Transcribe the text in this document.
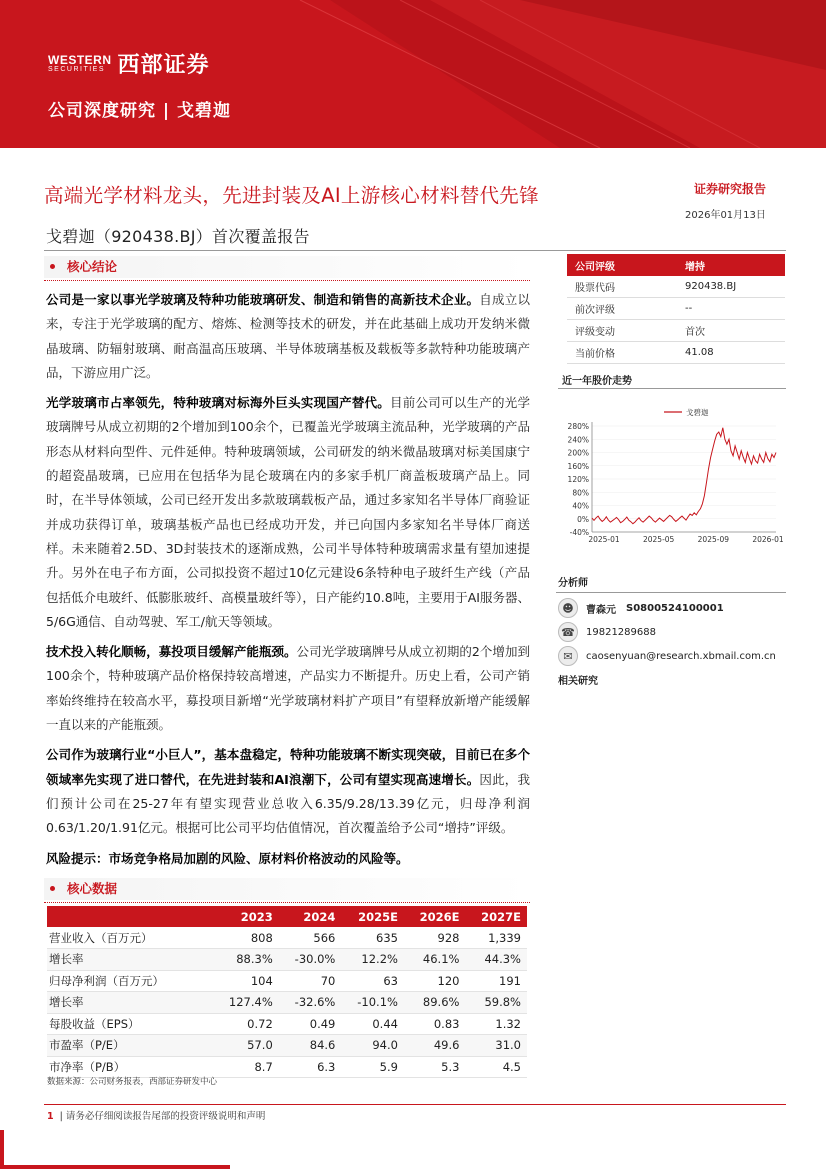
WESTERN
SECURITIES 西部证券
公司深度研究 | 戈碧迦
高端光学材料龙头，先进封装及AI上游核心材料替代先锋	证券研究报告
2026年01月13日
戈碧迦（920438.BJ）首次覆盖报告
核心结论

公司是一家以事光学玻璃及特种功能玻璃研发、制造和销售的高新技术企业。自成立以来，专注于光学玻璃的配方、熔炼、检测等技术的研发，并在此基础上成功开发纳米微晶玻璃、防辐射玻璃、耐高温高压玻璃、半导体玻璃基板及载板等多款特种功能玻璃产品，下游应用广泛。

光学玻璃市占率领先，特种玻璃对标海外巨头实现国产替代。目前公司可以生产的光学玻璃牌号从成立初期的2个增加到100余个，已覆盖光学玻璃主流品种，光学玻璃的产品形态从材料向型件、元件延伸。特种玻璃领域，公司研发的纳米微晶玻璃对标美国康宁的超瓷晶玻璃，已应用在包括华为昆仑玻璃在内的多家手机厂商盖板玻璃产品上。同时，在半导体领域，公司已经开发出多款玻璃载板产品，通过多家知名半导体厂商验证并成功获得订单，玻璃基板产品也已经成功开发，并已向国内多家知名半导体厂商送样。未来随着2.5D、3D封装技术的逐渐成熟，公司半导体特种玻璃需求量有望加速提升。另外在电子布方面，公司拟投资不超过10亿元建设6条特种电子玻纤生产线（产品包括低介电玻纤、低膨胀玻纤、高模量玻纤等），日产能约10.8吨，主要用于AI服务器、5/6G通信、自动驾驶、军工/航天等领域。

技术投入转化顺畅，募投项目缓解产能瓶颈。公司光学玻璃牌号从成立初期的2个增加到100余个，特种玻璃产品价格保持较高增速，产品实力不断提升。历史上看，公司产销率始终维持在较高水平，募投项目新增“光学玻璃材料扩产项目”有望释放新增产能缓解一直以来的产能瓶颈。

公司作为玻璃行业“小巨人”，基本盘稳定，特种功能玻璃不断实现突破，目前已在多个领域率先实现了进口替代，在先进封装和AI浪潮下，公司有望实现高速增长。因此，我们预计公司在25-27年有望实现营业总收入6.35/9.28/13.39亿元，归母净利润0.63/1.20/1.91亿元。根据可比公司平均估值情况，首次覆盖给予公司“增持”评级。

风险提示：市场竞争格局加剧的风险、原材料价格波动的风险等。

公司评级	增持
股票代码	920438.BJ
前次评级	--
评级变动	首次
当前价格	41.08
近一年股价走势
280%
240%
200%
160%
120%
80%
40%
0%
-40%
2025-01	2025-05	2025-09	2026-01
戈碧迦
分析师
☻	曹森元 S0800524100001
☎	19821289688
✉	caosenyuan@research.xbmail.com.cn
相关研究
核心数据
	2023	2024	2025E	2026E	2027E
营业收入（百万元）	808	566	635	928	1,339
增长率	88.3%	-30.0%	12.2%	46.1%	44.3%
归母净利润（百万元）	104	70	63	120	191
增长率	127.4%	-32.6%	-10.1%	89.6%	59.8%
每股收益（EPS）	0.72	0.49	0.44	0.83	1.32
市盈率（P/E）	57.0	84.6	94.0	49.6	31.0
市净率（P/B）	8.7	6.3	5.9	5.3	4.5
数据来源：公司财务报表，西部证券研发中心
1 | 请务必仔细阅读报告尾部的投资评级说明和声明
